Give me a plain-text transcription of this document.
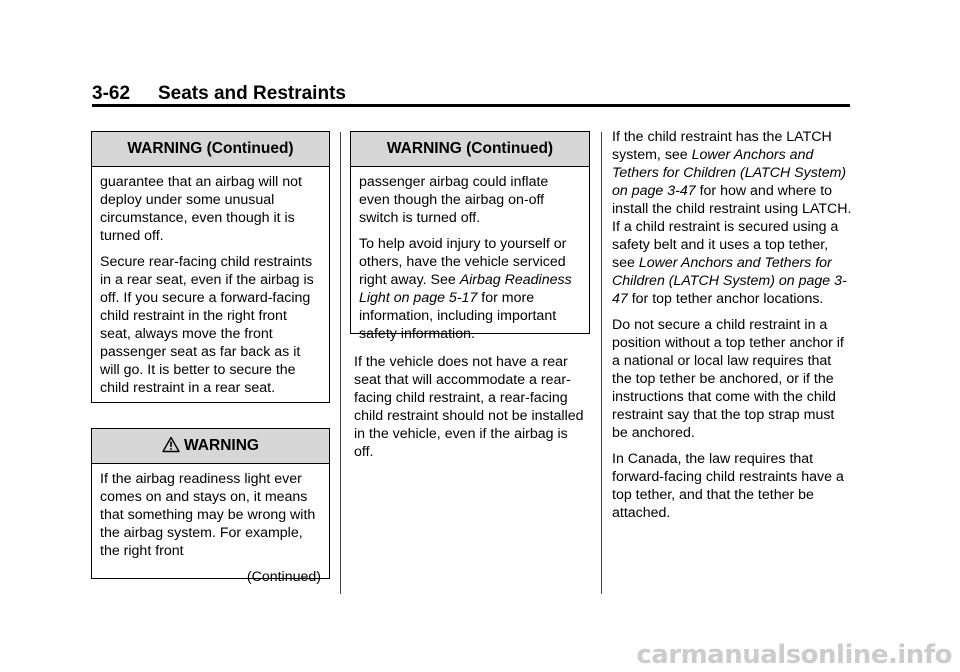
3-62 Seats and Restraints
WARNING (Continued)

guarantee that an airbag will not deploy under some unusual circumstance, even though it is turned off.

Secure rear-facing child restraints in a rear seat, even if the airbag is off. If you secure a forward-facing child restraint in the right front seat, always move the front passenger seat as far back as it will go. It is better to secure the child restraint in a rear seat.

WARNING

If the airbag readiness light ever comes on and stays on, it means that something may be wrong with the airbag system. For example, the right front

(Continued)

WARNING (Continued)

passenger airbag could inflate even though the airbag on-off switch is turned off.

To help avoid injury to yourself or others, have the vehicle serviced right away. See Airbag Readiness Light on page 5-17 for more information, including important safety information.

If the vehicle does not have a rear seat that will accommodate a rear-facing child restraint, a rear-facing child restraint should not be installed in the vehicle, even if the airbag is off.

If the child restraint has the LATCH system, see Lower Anchors and Tethers for Children (LATCH System) on page 3-47 for how and where to install the child restraint using LATCH. If a child restraint is secured using a safety belt and it uses a top tether, see Lower Anchors and Tethers for Children (LATCH System) on page 3-47 for top tether anchor locations.

Do not secure a child restraint in a position without a top tether anchor if a national or local law requires that the top tether be anchored, or if the instructions that come with the child restraint say that the top strap must be anchored.

In Canada, the law requires that forward-facing child restraints have a top tether, and that the tether be attached.

carmanualsonline.info
